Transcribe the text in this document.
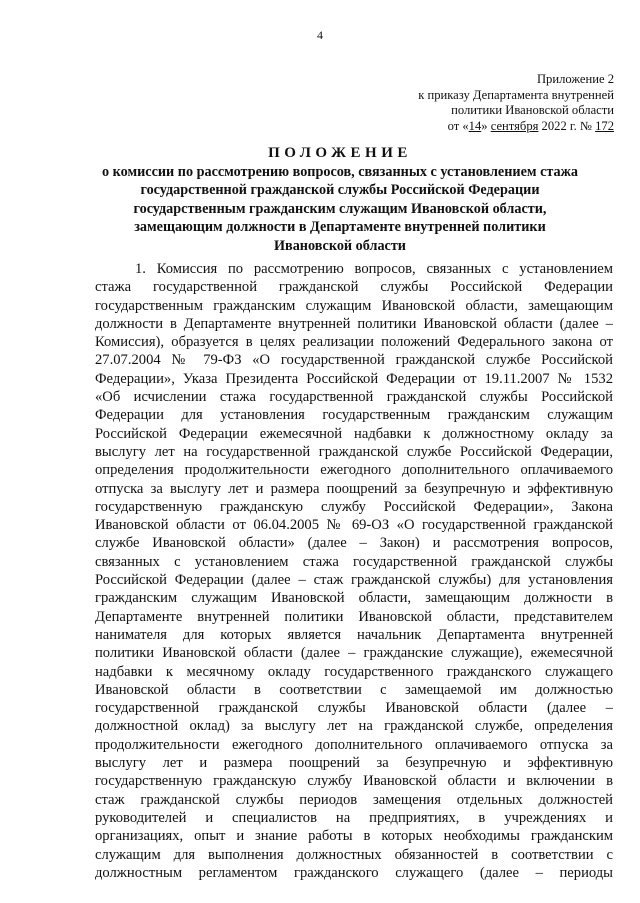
4
Приложение 2
к приказу Департамента внутренней
политики Ивановской области
от «14» сентября 2022 г. № 172
ПОЛОЖЕНИЕ
о комиссии по рассмотрению вопросов, связанных с установлением стажа
государственной гражданской службы Российской Федерации
государственным гражданским служащим Ивановской области,
замещающим должности в Департаменте внутренней политики
Ивановской области
1. Комиссия по рассмотрению вопросов, связанных с установлением
стажа государственной гражданской службы Российской Федерации
государственным гражданским служащим Ивановской области, замещающим
должности в Департаменте внутренней политики Ивановской области (далее –
Комиссия), образуется в целях реализации положений Федерального закона от
27.07.2004 № 79-ФЗ «О государственной гражданской службе Российской
Федерации», Указа Президента Российской Федерации от 19.11.2007 № 1532
«Об исчислении стажа государственной гражданской службы Российской
Федерации для установления государственным гражданским служащим
Российской Федерации ежемесячной надбавки к должностному окладу за
выслугу лет на государственной гражданской службе Российской Федерации,
определения продолжительности ежегодного дополнительного оплачиваемого
отпуска за выслугу лет и размера поощрений за безупречную и эффективную
государственную гражданскую службу Российской Федерации», Закона
Ивановской области от 06.04.2005 № 69-ОЗ «О государственной гражданской
службе Ивановской области» (далее – Закон) и рассмотрения вопросов,
связанных с установлением стажа государственной гражданской службы
Российской Федерации (далее – стаж гражданской службы) для установления
гражданским служащим Ивановской области, замещающим должности в
Департаменте внутренней политики Ивановской области, представителем
нанимателя для которых является начальник Департамента внутренней
политики Ивановской области (далее – гражданские служащие), ежемесячной
надбавки к месячному окладу государственного гражданского служащего
Ивановской области в соответствии с замещаемой им должностью
государственной гражданской службы Ивановской области (далее –
должностной оклад) за выслугу лет на гражданской службе, определения
продолжительности ежегодного дополнительного оплачиваемого отпуска за
выслугу лет и размера поощрений за безупречную и эффективную
государственную гражданскую службу Ивановской области и включении в
стаж гражданской службы периодов замещения отдельных должностей
руководителей и специалистов на предприятиях, в учреждениях и
организациях, опыт и знание работы в которых необходимы гражданским
служащим для выполнения должностных обязанностей в соответствии с
должностным регламентом гражданского служащего (далее – периоды
